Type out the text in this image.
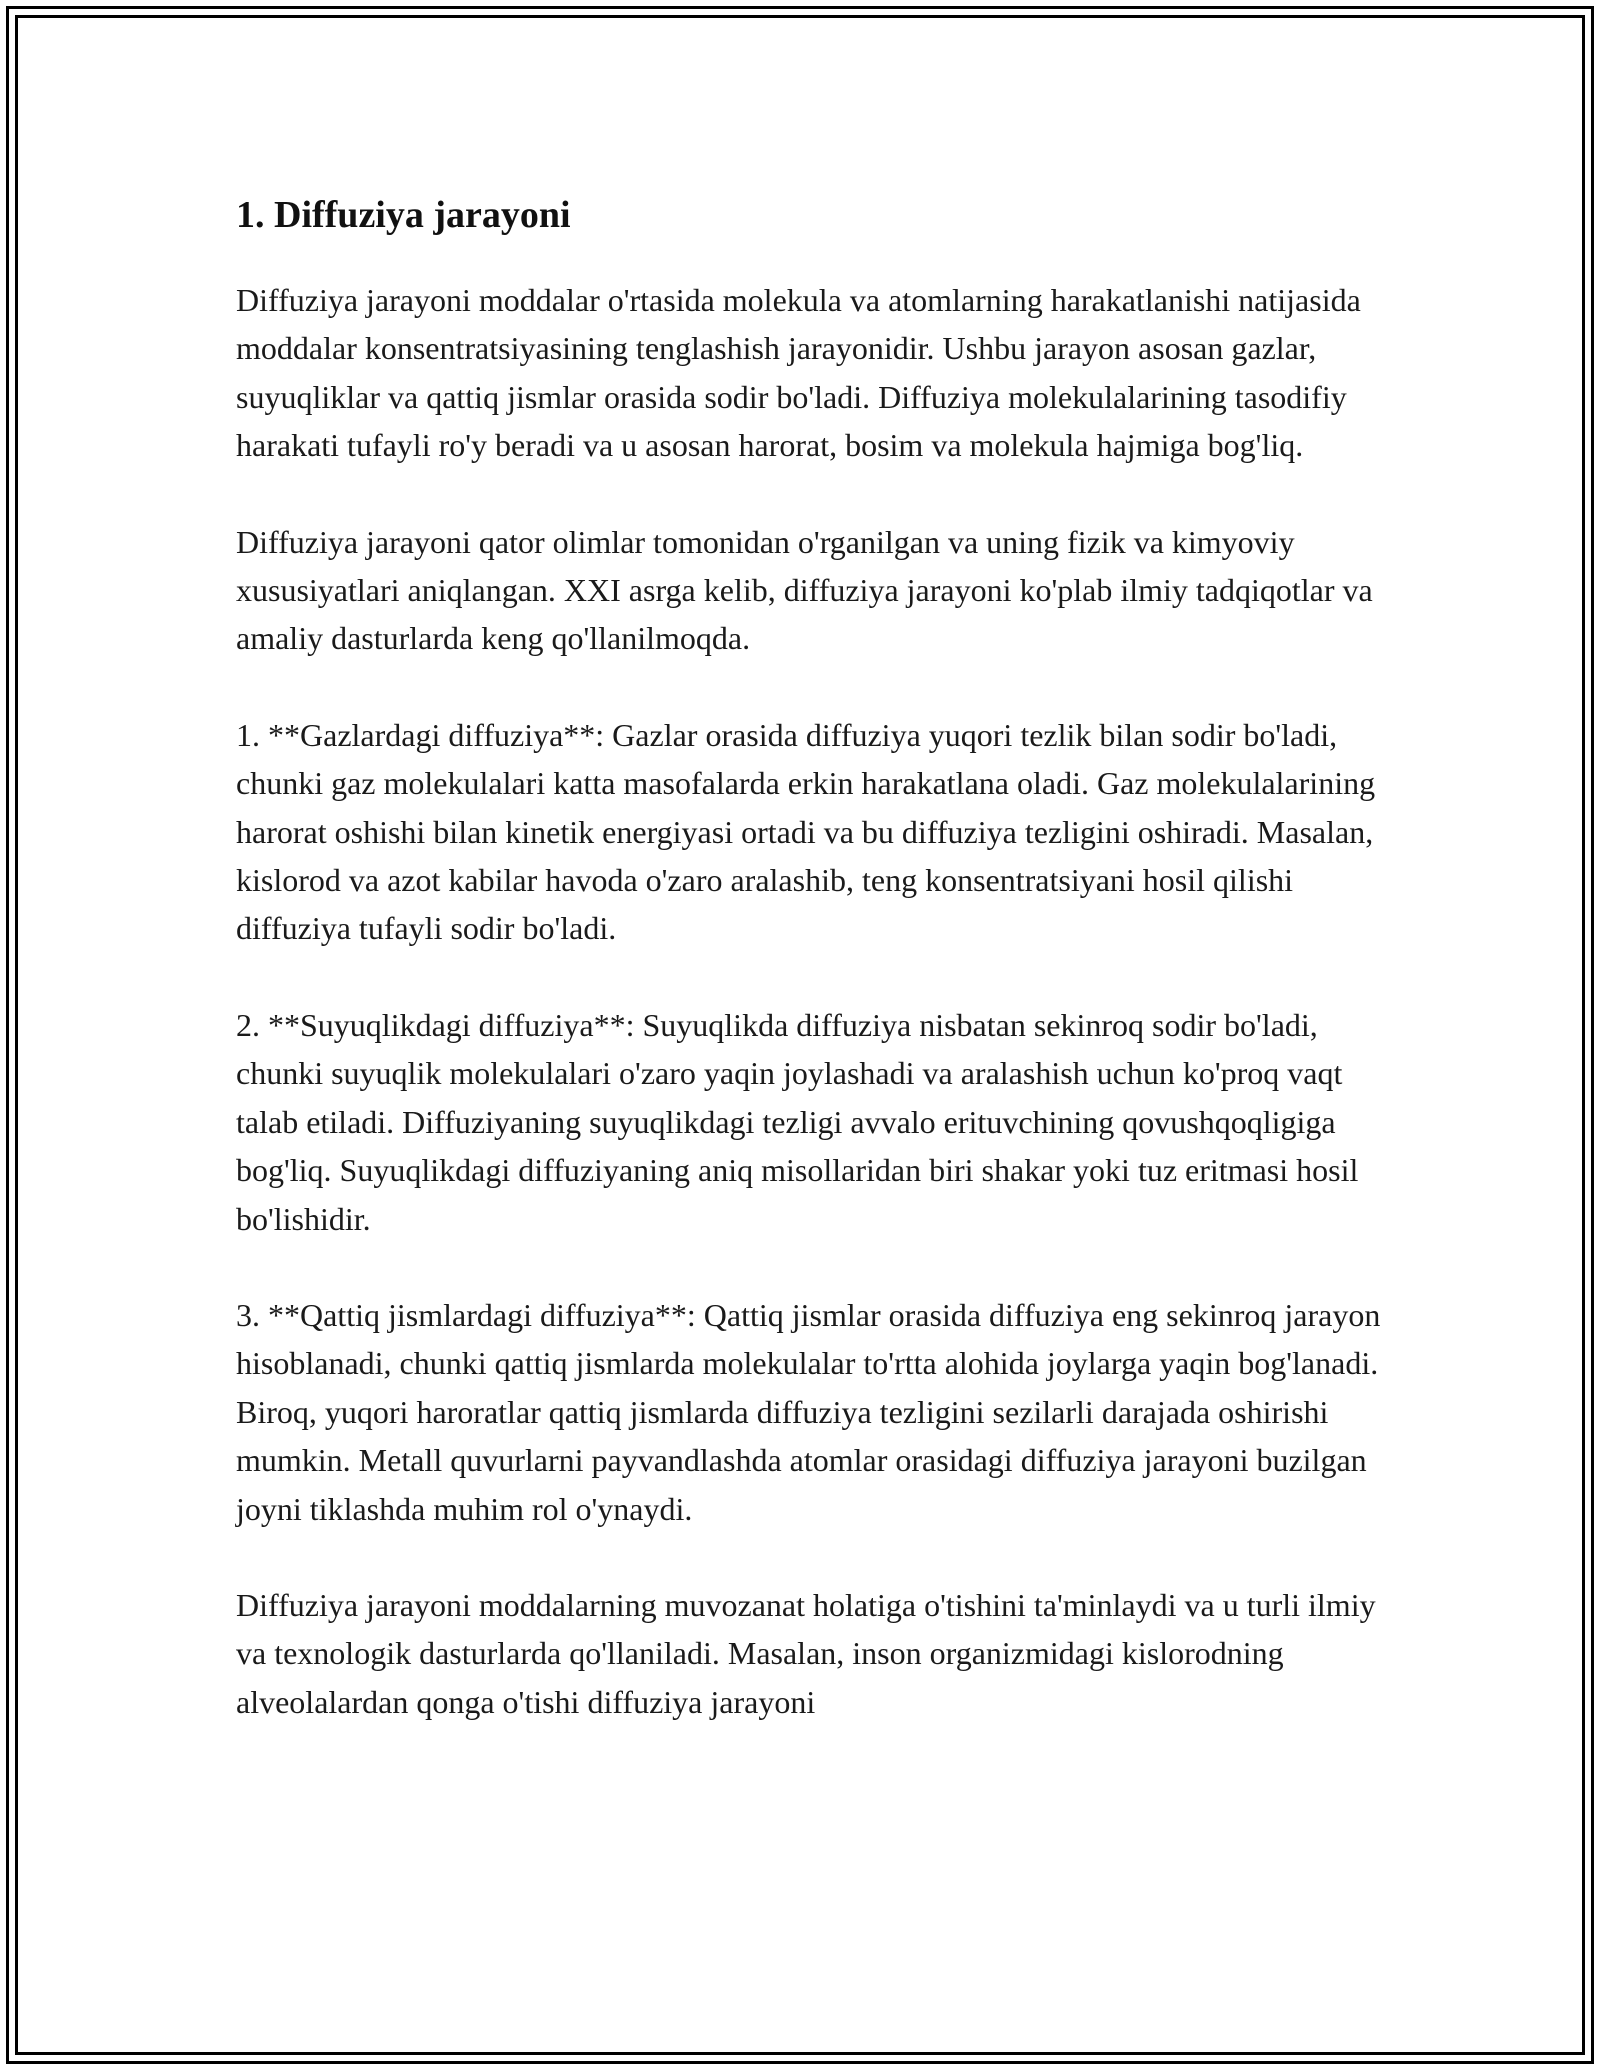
1. Diffuziya jarayoni

Diffuziya jarayoni moddalar o'rtasida molekula va atomlarning harakatlanishi natijasida moddalar konsentratsiyasining tenglashish jarayonidir. Ushbu jarayon asosan gazlar, suyuqliklar va qattiq jismlar orasida sodir bo'ladi. Diffuziya molekulalarining tasodifiy harakati tufayli ro'y beradi va u asosan harorat, bosim va molekula hajmiga bog'liq.

Diffuziya jarayoni qator olimlar tomonidan o'rganilgan va uning fizik va kimyoviy xususiyatlari aniqlangan. XXI asrga kelib, diffuziya jarayoni ko'plab ilmiy tadqiqotlar va amaliy dasturlarda keng qo'llanilmoqda.

1. **Gazlardagi diffuziya**: Gazlar orasida diffuziya yuqori tezlik bilan sodir bo'ladi, chunki gaz molekulalari katta masofalarda erkin harakatlana oladi. Gaz molekulalarining harorat oshishi bilan kinetik energiyasi ortadi va bu diffuziya tezligini oshiradi. Masalan, kislorod va azot kabilar havoda o'zaro aralashib, teng konsentratsiyani hosil qilishi diffuziya tufayli sodir bo'ladi.

2. **Suyuqlikdagi diffuziya**: Suyuqlikda diffuziya nisbatan sekinroq sodir bo'ladi, chunki suyuqlik molekulalari o'zaro yaqin joylashadi va aralashish uchun ko'proq vaqt talab etiladi. Diffuziyaning suyuqlikdagi tezligi avvalo erituvchining qovushqoqligiga bog'liq. Suyuqlikdagi diffuziyaning aniq misollaridan biri shakar yoki tuz eritmasi hosil bo'lishidir.

3. **Qattiq jismlardagi diffuziya**: Qattiq jismlar orasida diffuziya eng sekinroq jarayon hisoblanadi, chunki qattiq jismlarda molekulalar to'rtta alohida joylarga yaqin bog'lanadi. Biroq, yuqori haroratlar qattiq jismlarda diffuziya tezligini sezilarli darajada oshirishi mumkin. Metall quvurlarni payvandlashda atomlar orasidagi diffuziya jarayoni buzilgan joyni tiklashda muhim rol o'ynaydi.

Diffuziya jarayoni moddalarning muvozanat holatiga o'tishini ta'minlaydi va u turli ilmiy va texnologik dasturlarda qo'llaniladi. Masalan, inson organizmidagi kislorodning alveolalardan qonga o'tishi diffuziya jarayoni
